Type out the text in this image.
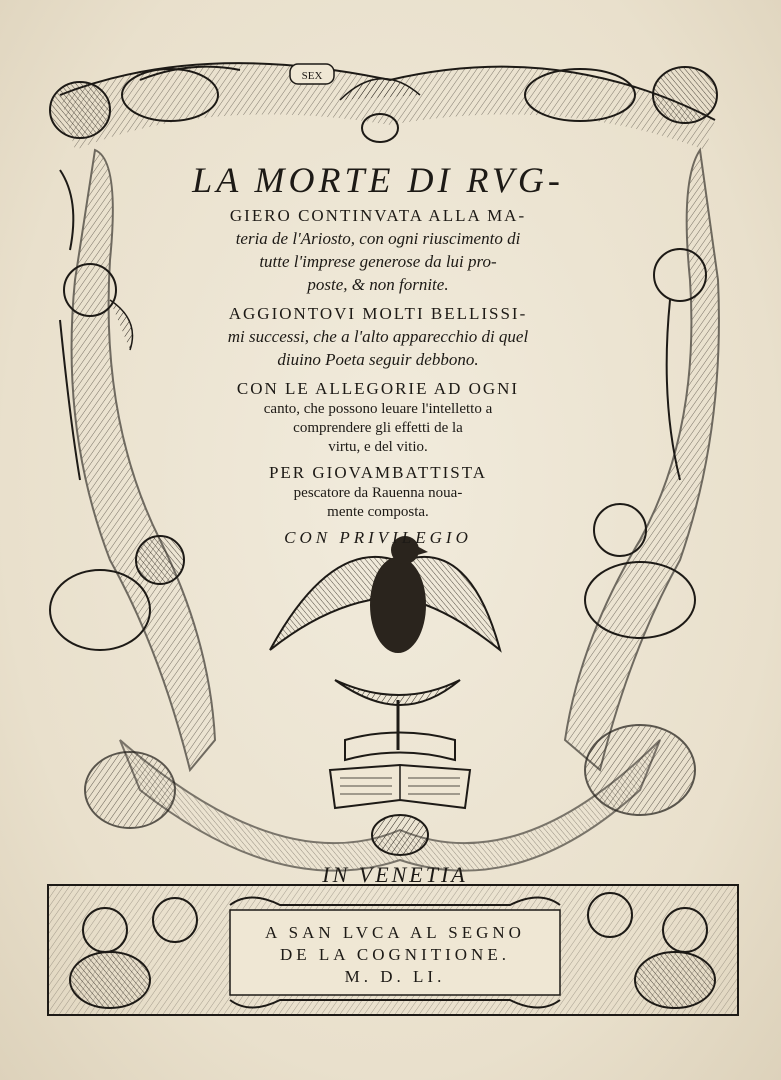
SEX
LA MORTE DI RVG-

GIERO CONTINVATA ALLA MA-

teria de l'Ariosto, con ogni riuscimento di

tutte l'imprese generose da lui pro-

poste, & non fornite.

AGGIONTOVI MOLTI BELLISSI-

mi successi, che a l'alto apparecchio di quel

diuino Poeta seguir debbono.

CON LE ALLEGORIE AD OGNI

canto, che possono leuare l'intelletto a

comprendere gli effetti de la

virtu, e del vitio.

PER GIOVAMBATTISTA

pescatore da Rauenna noua-

mente composta.

CON PRIVILEGIO

IN VENETIA

A SAN LVCA AL SEGNO

DE LA COGNITIONE.

M. D. LI.
